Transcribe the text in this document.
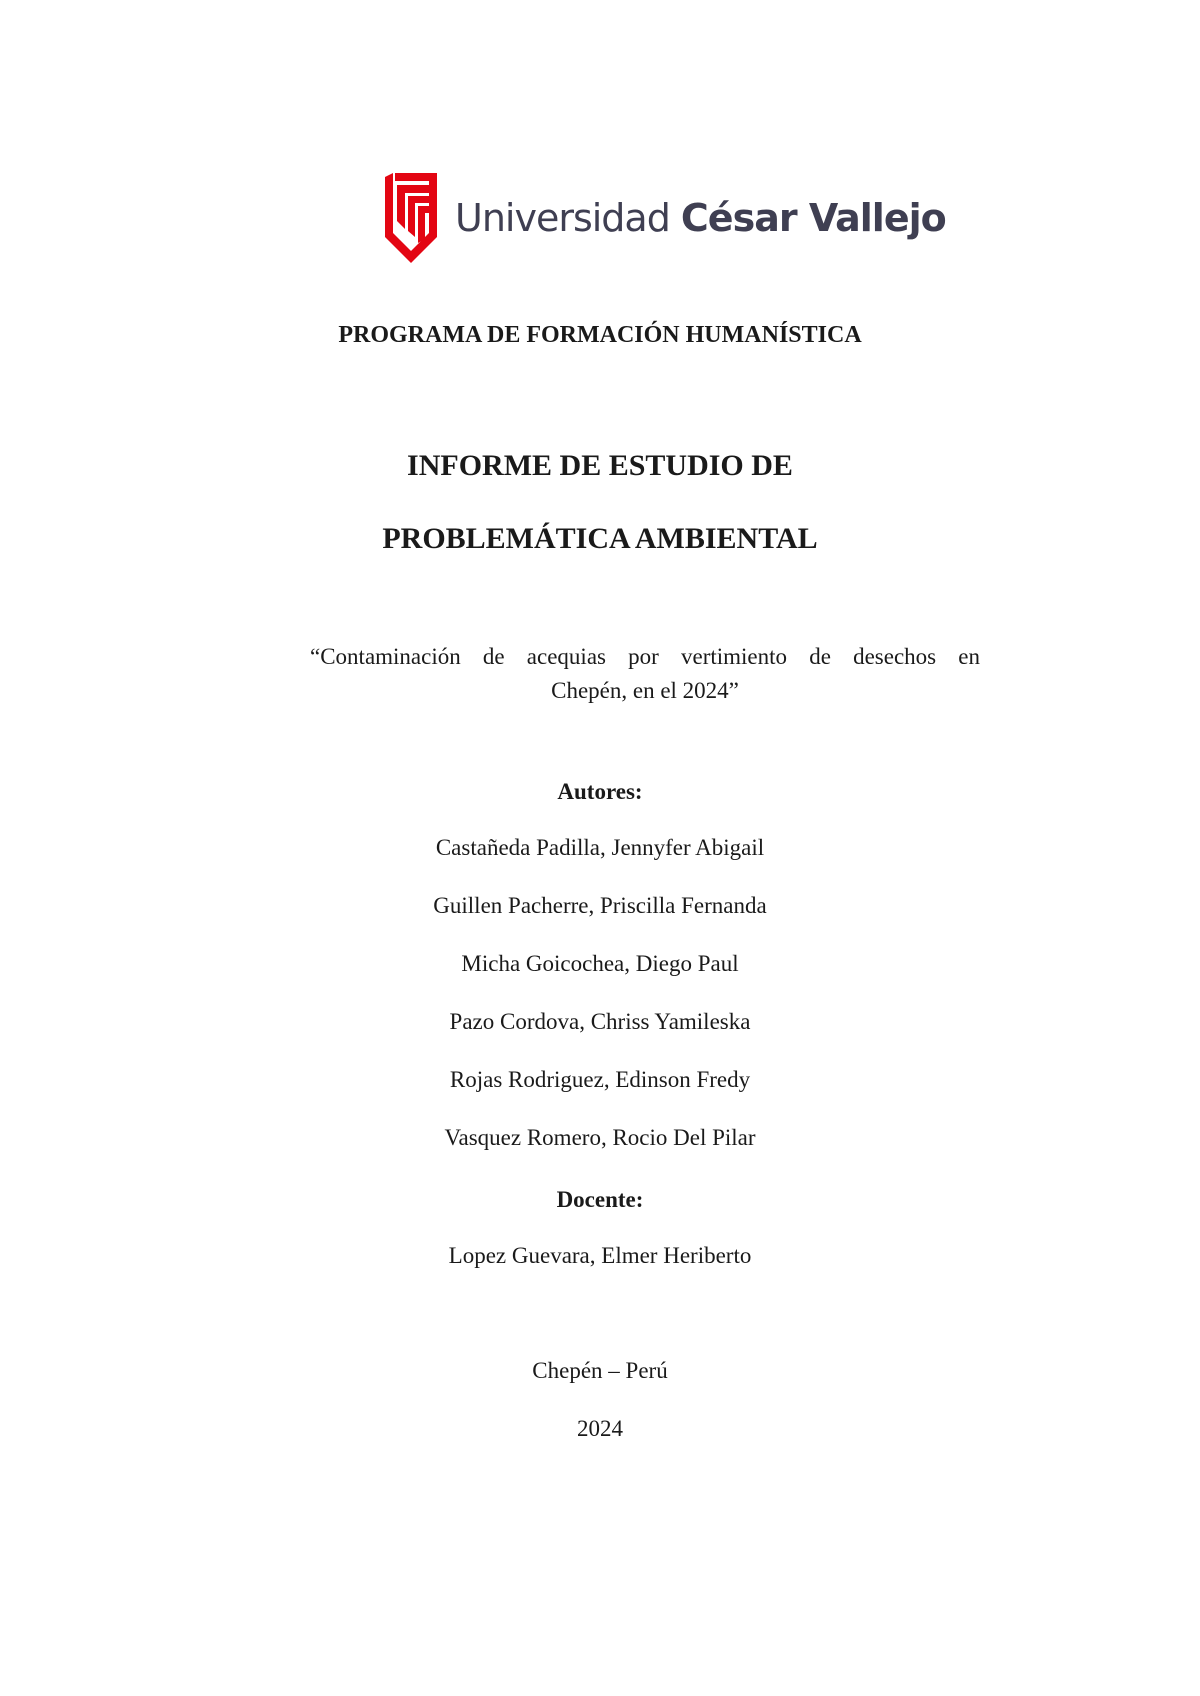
Universidad César Vallejo
PROGRAMA DE FORMACIÓN HUMANÍSTICA
INFORME DE ESTUDIO DE
PROBLEMÁTICA AMBIENTAL
“Contaminación de acequias por vertimiento de desechos en
Chepén, en el 2024”
Autores:
Castañeda Padilla, Jennyfer Abigail
Guillen Pacherre, Priscilla Fernanda
Micha Goicochea, Diego Paul
Pazo Cordova, Chriss Yamileska
Rojas Rodriguez, Edinson Fredy
Vasquez Romero, Rocio Del Pilar
Docente:
Lopez Guevara, Elmer Heriberto
Chepén – Perú
2024
